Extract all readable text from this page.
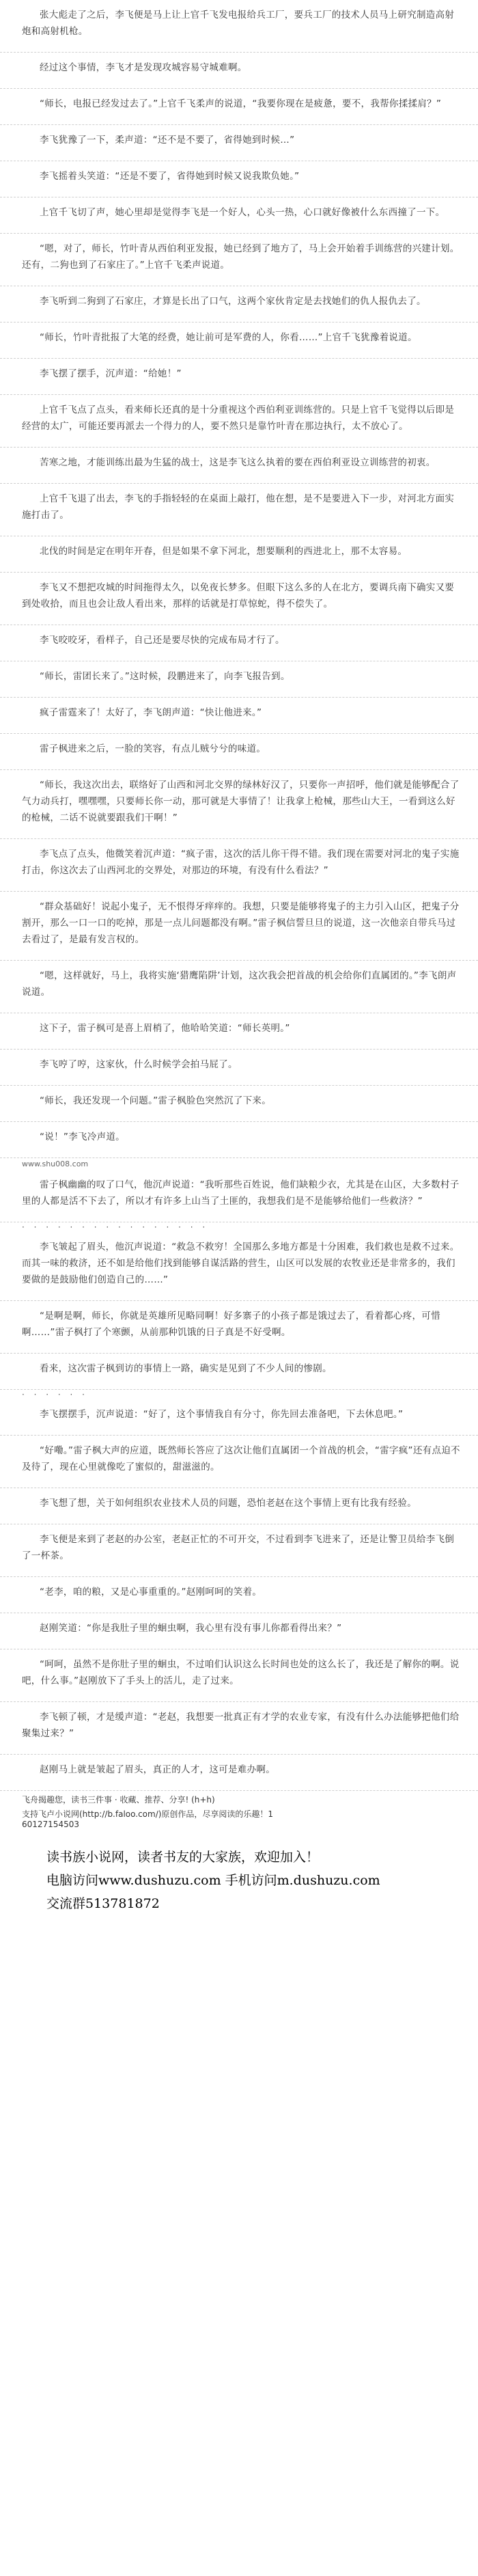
张大彪走了之后，李飞便是马上让上官千飞发电报给兵工厂，要兵工厂的技术人员马上研究制造高射炮和高射机枪。

经过这个事情，李飞才是发现攻城容易守城难啊。

“师长，电报已经发过去了。”上官千飞柔声的说道，“我要你现在是疲惫，要不，我帮你揉揉肩？”

李飞犹豫了一下，柔声道：“还不是不要了，省得她到时候…”

李飞摇着头笑道：“还是不要了，省得她到时候又说我欺负她。”

上官千飞切了声，她心里却是觉得李飞是一个好人，心头一热，心口就好像被什么东西撞了一下。

“嗯，对了，师长，竹叶青从西伯利亚发报，她已经到了地方了，马上会开始着手训练营的兴建计划。还有，二狗也到了石家庄了。”上官千飞柔声说道。

李飞听到二狗到了石家庄，才算是长出了口气，这两个家伙肯定是去找她们的仇人报仇去了。

“师长，竹叶青批报了大笔的经费，她让前可是军费的人，你看……”上官千飞犹豫着说道。

李飞摆了摆手，沉声道：“给她！”

上官千飞点了点头，看来师长还真的是十分重视这个西伯利亚训练营的。只是上官千飞觉得以后即是经营的太广，可能还要再派去一个得力的人，要不然只是靠竹叶青在那边执行，太不放心了。

苦寒之地，才能训练出最为生猛的战士，这是李飞这么执着的要在西伯利亚设立训练营的初衷。

上官千飞退了出去，李飞的手指轻轻的在桌面上敲打，他在想，是不是要进入下一步，对河北方面实施打击了。

北伐的时间是定在明年开春，但是如果不拿下河北，想要顺利的西进北上，那不太容易。

李飞又不想把攻城的时间拖得太久，以免夜长梦多。但眼下这么多的人在北方，要调兵南下确实又要到处收拾，而且也会让敌人看出来，那样的话就是打草惊蛇，得不偿失了。

李飞咬咬牙，看样子，自己还是要尽快的完成布局才行了。

“师长，雷团长来了。”这时候，段鹏进来了，向李飞报告到。

疯子雷霆来了！太好了，李飞朗声道：“快让他进来。”

雷子枫进来之后，一脸的笑容，有点儿贼兮兮的味道。

“师长，我这次出去，联络好了山西和河北交界的绿林好汉了，只要你一声招呼，他们就是能够配合了气力动兵打，嘿嘿嘿，只要师长你一动，那可就是大事情了！让我拿上枪械，那些山大王，一看到这么好的枪械，二话不说就要跟我们干啊！”

李飞点了点头，他微笑着沉声道：“疯子雷，这次的活儿你干得不错。我们现在需要对河北的鬼子实施打击，你这次去了山西河北的交界处，对那边的环境，有没有什么看法？”

“群众基础好！说起小鬼子，无不恨得牙痒痒的。我想，只要是能够将鬼子的主力引入山区，把鬼子分割开，那么一口一口的吃掉，那是一点儿问题都没有啊。”雷子枫信誓旦旦的说道，这一次他亲自带兵马过去看过了，是最有发言权的。

“嗯，这样就好，马上，我将实施‘猎鹰陷阱’计划，这次我会把首战的机会给你们直属团的。”李飞朗声说道。

这下子，雷子枫可是喜上眉梢了，他哈哈笑道：“师长英明。”

李飞哼了哼，这家伙，什么时候学会拍马屁了。

“师长，我还发现一个问题。”雷子枫脸色突然沉了下来。

“说！”李飞冷声道。

www.shu008.com

雷子枫幽幽的叹了口气，他沉声说道：“我听那些百姓说，他们缺粮少衣，尤其是在山区，大多数村子里的人都是活不下去了，所以才有许多上山当了土匪的，我想我们是不是能够给他们一些救济？”

· · · · · · · · · · · · · · · ·

李飞皱起了眉头，他沉声说道：“救急不救穷！全国那么多地方都是十分困难，我们救也是救不过来。而其一味的救济，还不如是给他们找到能够自谋活路的营生，山区可以发展的农牧业还是非常多的，我们要做的是鼓励他们创造自己的……”

“是啊是啊，师长，你就是英雄所见略同啊！好多寨子的小孩子都是饿过去了，看着都心疼，可惜啊……”雷子枫打了个寒颤，从前那种饥饿的日子真是不好受啊。

看来，这次雷子枫到访的事情上一路，确实是见到了不少人间的惨剧。

· · · · · ·

李飞摆摆手，沉声说道：“好了，这个事情我自有分寸，你先回去准备吧，下去休息吧。”

“好嘞。”雷子枫大声的应道，既然师长答应了这次让他们直属团一个首战的机会，“雷字疯”还有点迫不及待了，现在心里就像吃了蜜似的，甜滋滋的。

李飞想了想，关于如何组织农业技术人员的问题，恐怕老赵在这个事情上更有比我有经验。

李飞便是来到了老赵的办公室，老赵正忙的不可开交，不过看到李飞进来了，还是让警卫员给李飞倒了一杯茶。

“老李，咱的粮，又是心事重重的。”赵刚呵呵的笑着。

赵刚笑道：“你是我肚子里的蛔虫啊，我心里有没有事儿你都看得出来？”

“呵呵，虽然不是你肚子里的蛔虫，不过咱们认识这么长时间也处的这么长了，我还是了解你的啊。说吧，什么事。”赵刚放下了手头上的活儿，走了过来。

李飞顿了顿，才是缓声道：“老赵，我想要一批真正有才学的农业专家，有没有什么办法能够把他们给聚集过来？”

赵刚马上就是皱起了眉头，真正的人才，这可是难办啊。

飞舟揭趣您，读书三件事 · 收藏、推荐、分享! (h+h)

支持飞卢小说网(http://b.faloo.com/)原创作品，尽享阅读的乐趣！1

60127154503

读书族小说网，读者书友的大家族，欢迎加入！
电脑访问www.dushuzu.com 手机访问m.dushuzu.com
交流群513781872
